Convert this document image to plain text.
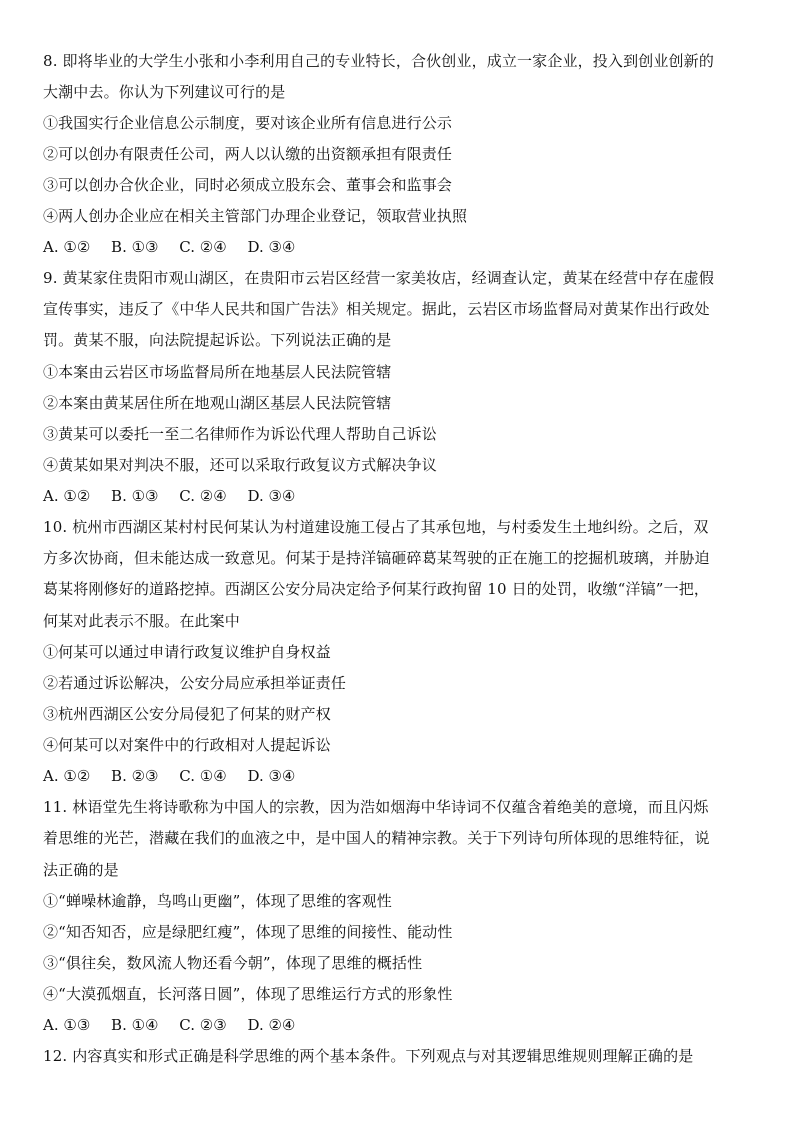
8. 即将毕业的大学生小张和小李利用自己的专业特长，合伙创业，成立一家企业，投入到创业创新的
大潮中去。你认为下列建议可行的是
①我国实行企业信息公示制度，要对该企业所有信息进行公示
②可以创办有限责任公司，两人以认缴的出资额承担有限责任
③可以创办合伙企业，同时必须成立股东会、董事会和监事会
④两人创办企业应在相关主管部门办理企业登记，领取营业执照
A. ①② B. ①③ C. ②④ D. ③④
9. 黄某家住贵阳市观山湖区，在贵阳市云岩区经营一家美妆店，经调查认定，黄某在经营中存在虚假
宣传事实，违反了《中华人民共和国广告法》相关规定。据此，云岩区市场监督局对黄某作出行政处
罚。黄某不服，向法院提起诉讼。下列说法正确的是
①本案由云岩区市场监督局所在地基层人民法院管辖
②本案由黄某居住所在地观山湖区基层人民法院管辖
③黄某可以委托一至二名律师作为诉讼代理人帮助自己诉讼
④黄某如果对判决不服，还可以采取行政复议方式解决争议
A. ①② B. ①③ C. ②④ D. ③④
10. 杭州市西湖区某村村民何某认为村道建设施工侵占了其承包地，与村委发生土地纠纷。之后，双
方多次协商，但未能达成一致意见。何某于是持洋镐砸碎葛某驾驶的正在施工的挖掘机玻璃，并胁迫
葛某将刚修好的道路挖掉。西湖区公安分局决定给予何某行政拘留 10 日的处罚，收缴“洋镐”一把，
何某对此表示不服。在此案中
①何某可以通过申请行政复议维护自身权益
②若通过诉讼解决，公安分局应承担举证责任
③杭州西湖区公安分局侵犯了何某的财产权
④何某可以对案件中的行政相对人提起诉讼
A. ①② B. ②③ C. ①④ D. ③④
11. 林语堂先生将诗歌称为中国人的宗教，因为浩如烟海中华诗词不仅蕴含着绝美的意境，而且闪烁
着思维的光芒，潜藏在我们的血液之中，是中国人的精神宗教。关于下列诗句所体现的思维特征，说
法正确的是
①“蝉噪林逾静，鸟鸣山更幽”，体现了思维的客观性
②“知否知否，应是绿肥红瘦”，体现了思维的间接性、能动性
③“俱往矣，数风流人物还看今朝”，体现了思维的概括性
④“大漠孤烟直，长河落日圆”，体现了思维运行方式的形象性
A. ①③ B. ①④ C. ②③ D. ②④
12. 内容真实和形式正确是科学思维的两个基本条件。下列观点与对其逻辑思维规则理解正确的是
